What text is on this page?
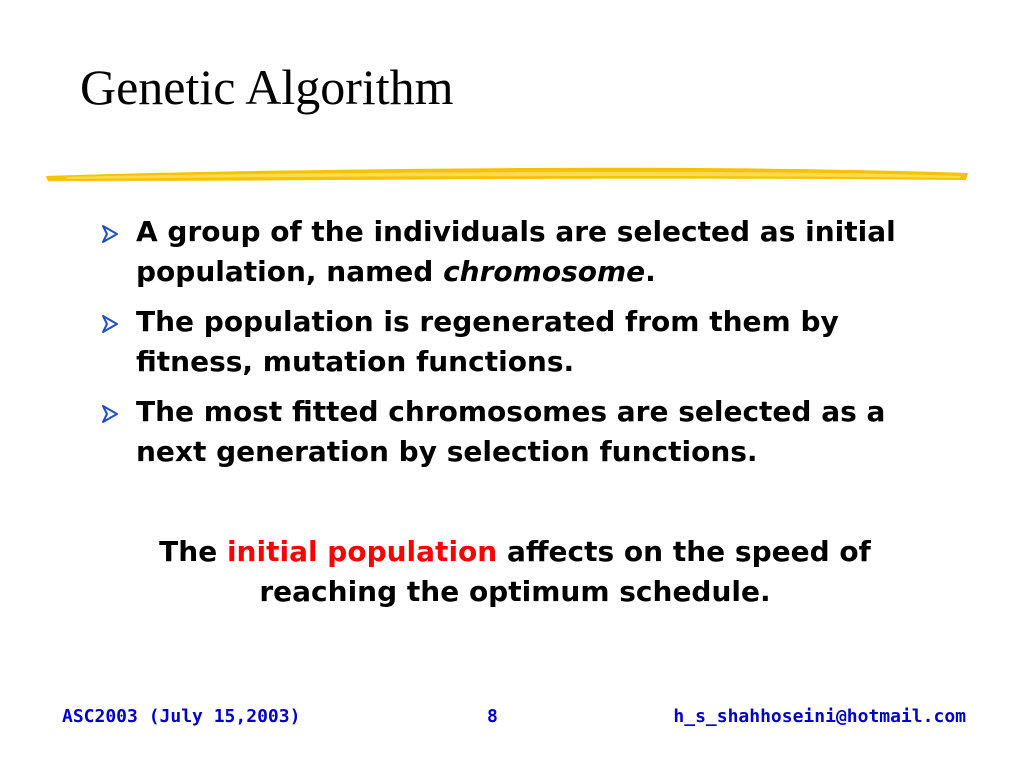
Genetic Algorithm
A group of the individuals are selected as initial population, named chromosome.
The population is regenerated from them by fitness, mutation functions.
The most fitted chromosomes are selected as a next generation by selection functions.
The initial population affects on the speed of reaching the optimum schedule.
ASC2003 (July 15,2003)	8	h_s_shahhoseini@hotmail.com
